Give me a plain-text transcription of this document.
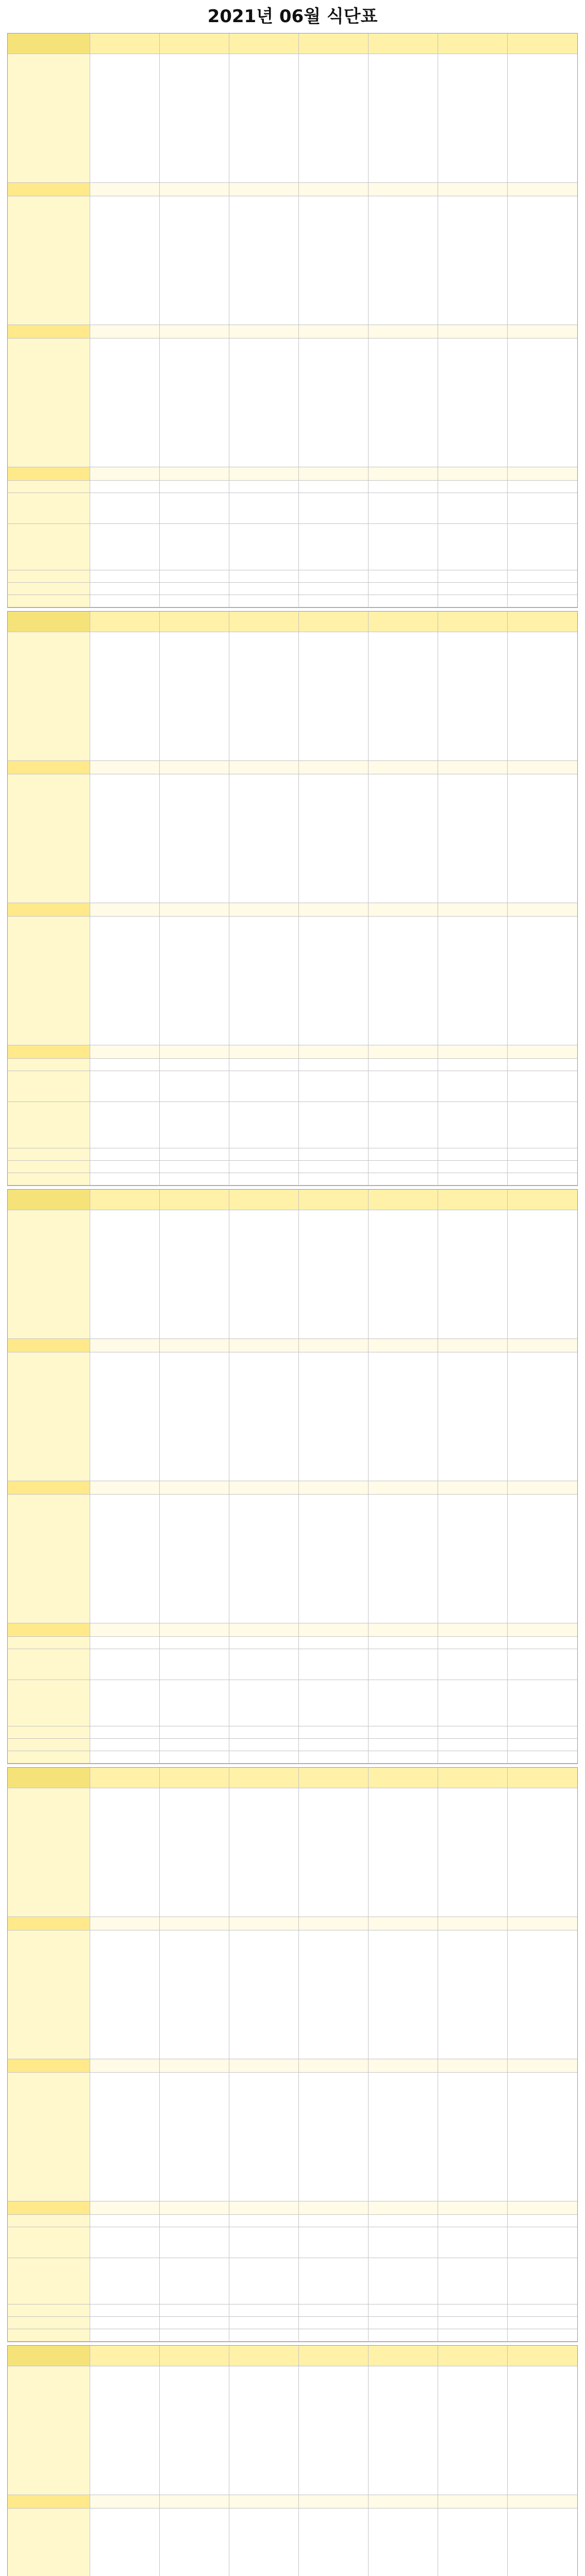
2021년 06월 식단표
